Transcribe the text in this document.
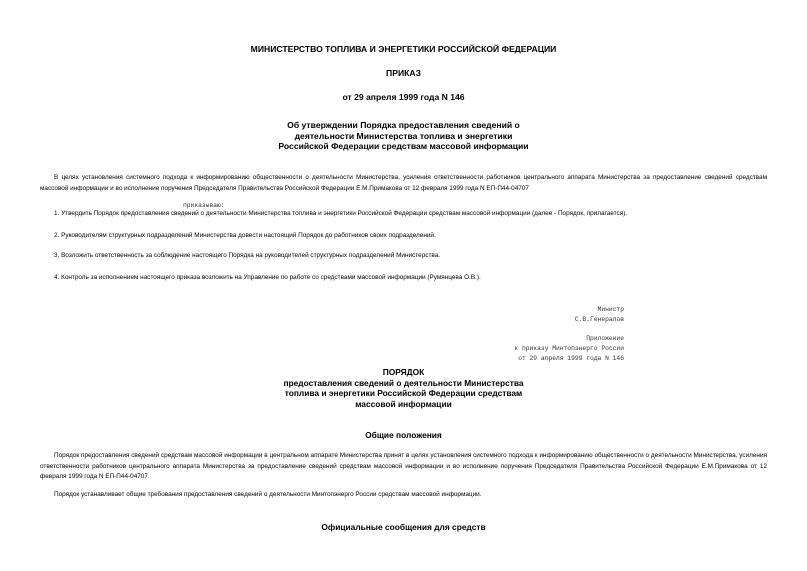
МИНИСТЕРСТВО ТОПЛИВА И ЭНЕРГЕТИКИ РОССИЙСКОЙ ФЕДЕРАЦИИ
ПРИКАЗ
от 29 апреля 1999 года N 146
Об утверждении Порядка предоставления сведений о
деятельности Министерства топлива и энергетики
Российской Федерации средствам массовой информации
В целях установления системного подхода к информированию общественности о деятельности Министерства, усиления ответственности работников центрального аппарата Министерства за предоставление сведений средствам массовой информации и во исполнение поручения Председателя Правительства Российской Федерации Е.М.Примакова от 12 февраля 1999 года N ЕП-П44-04707
приказываю:
1. Утвердить Порядок предоставления сведений о деятельности Министерства топлива и энергетики Российской Федерации средствам массовой информации (далее - Порядок, прилагается).
2. Руководителям структурных подразделений Министерства довести настоящий Порядок до работников своих подразделений.
3. Возложить ответственность за соблюдение настоящего Порядка на руководителей структурных подразделений Министерства.
4. Контроль за исполнением настоящего приказа возложить на Управление по работе со средствами массовой информации (Румянцева О.В.).
Министр
С.В.Генералов
Приложение
к приказу Минтопэнерго России
от 29 апреля 1999 года N 146
ПОРЯДОК
предоставления сведений о деятельности Министерства
топлива и энергетики Российской Федерации средствам
массовой информации
Общие положения
Порядок предоставления сведений средствам массовой информации в центральном аппарате Министерства принят в целях установления системного подхода к информированию общественности о деятельности Министерства, усиления ответственности работников центрального аппарата Министерства за предоставление сведений средствам массовой информации и во исполнение поручения Председателя Правительства Российской Федерации Е.М.Примакова от 12 февраля 1999 года N ЕП-П44-04707.
Порядок устанавливает общие требования предоставления сведений о деятельности Минтопэнерго России средствам массовой информации.
Официальные сообщения для средств
